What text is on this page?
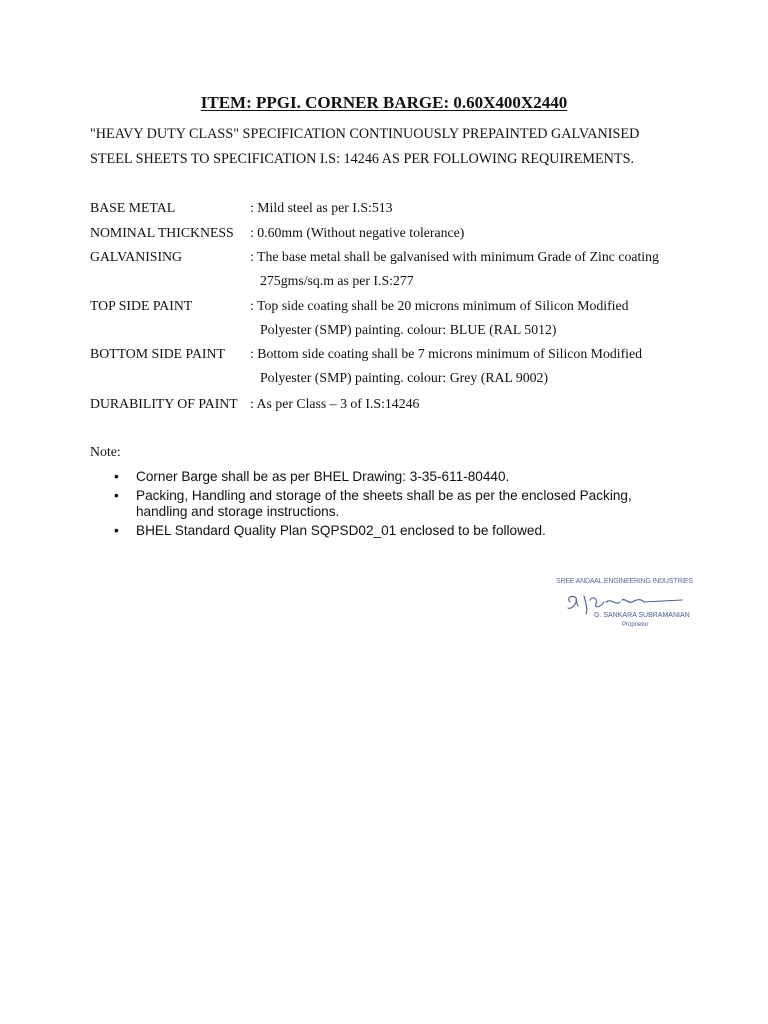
ITEM: PPGI. CORNER BARGE: 0.60X400X2440
"HEAVY DUTY CLASS" SPECIFICATION CONTINUOUSLY PREPAINTED GALVANISED
STEEL SHEETS TO SPECIFICATION I.S: 14246 AS PER FOLLOWING REQUIREMENTS.
BASE METAL	: Mild steel as per I.S:513
NOMINAL THICKNESS : 0.60mm (Without negative tolerance)
GALVANISING	: The base metal shall be galvanised with minimum Grade of Zinc coating
275gms/sq.m as per I.S:277
TOP SIDE PAINT	: Top side coating shall be 20 microns minimum of Silicon Modified
Polyester (SMP) painting. colour: BLUE (RAL 5012)
BOTTOM SIDE PAINT : Bottom side coating shall be 7 microns minimum of Silicon Modified
Polyester (SMP) painting. colour: Grey (RAL 9002)
DURABILITY OF PAINT : As per Class – 3 of I.S:14246
Note:
• Corner Barge shall be as per BHEL Drawing: 3-35-611-80440.
• Packing, Handling and storage of the sheets shall be as per the enclosed Packing, handling and storage instructions.
• BHEL Standard Quality Plan SQPSD02_01 enclosed to be followed.
SREE ANDAAL ENGINEERING INDUSTRIES
G. SANKARA SUBRAMANIAN
Proprietor
